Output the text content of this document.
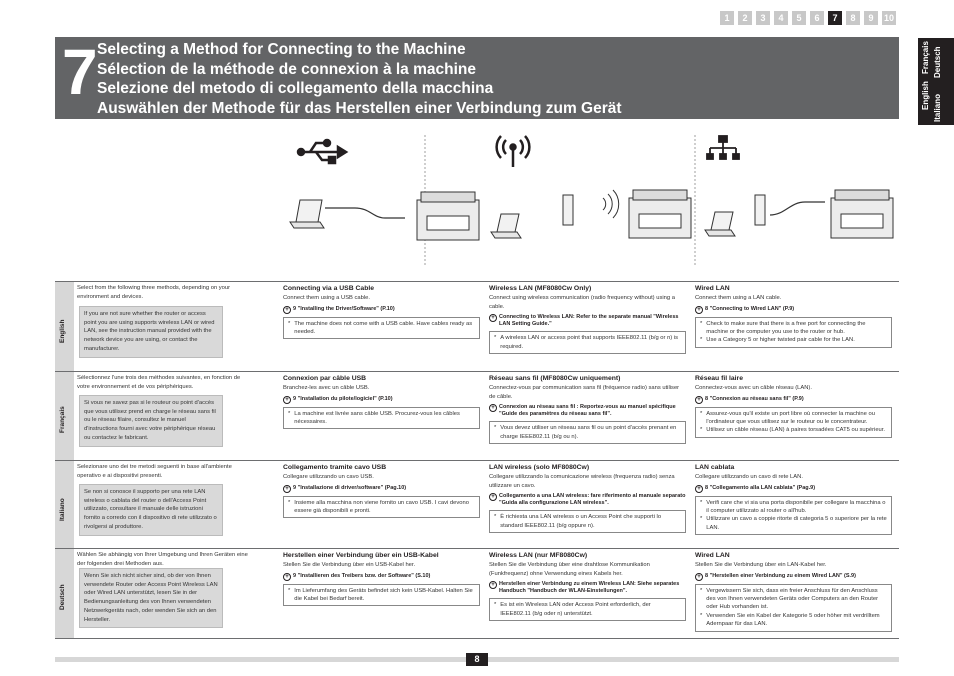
1	2	3	4	5	6	7	8	9	10
English Italiano
Français Deutsch
7 Selecting a Method for Connecting to the Machine
Sélection de la méthode de connexion à la machine
Selezione del metodo di collegamento della macchina
Auswählen der Methode für das Herstellen einer Verbindung zum Gerät
English
Select from the following three methods, depending on your environment and devices.
If you are not sure whether the router or access point you are using supports wireless LAN or wired LAN, see the instruction manual provided with the network device you are using, or contact the manufacturer.
Connecting via a USB Cable
Connect them using a USB cable.
+ 9 "Installing the Driver/Software" (P.10)
* The machine does not come with a USB cable. Have cables ready as needed.
Wireless LAN (MF8080Cw Only)
Connect using wireless communication (radio frequency without) using a cable.
+ Connecting to Wireless LAN: Refer to the separate manual "Wireless LAN Setting Guide."
* A wireless LAN or access point that supports IEEE802.11 (b/g or n) is required.
Wired LAN
Connect them using a LAN cable.
+ 8 "Connecting to Wired LAN" (P.9)
* Check to make sure that there is a free port for connecting the machine or the computer you use to the router or hub.
* Use a Category 5 or higher twisted pair cable for the LAN.
Français
Sélectionnez l'une trois des méthodes suivantes, en fonction de votre environnement et de vos périphériques.
Si vous ne savez pas si le routeur ou point d'accès que vous utilisez prend en charge le réseau sans fil ou le réseau filaire, consultez le manuel d'instructions fourni avec votre périphérique réseau ou contactez le fabricant.
Connexion par câble USB
Branchez-les avec un câble USB.
+ 9 "Installation du pilote/logiciel" (P.10)
* La machine est livrée sans câble USB. Procurez-vous les câbles nécessaires.
Réseau sans fil (MF8080Cw uniquement)
Connectez-vous par communication sans fil (fréquence radio) sans utiliser de câble.
+ Connexion au réseau sans fil : Reportez-vous au manuel spécifique "Guide des paramètres du réseau sans fil".
* Vous devez utiliser un réseau sans fil ou un point d'accès prenant en charge IEEE802.11 (b/g ou n).
Réseau fil laire
Connectez-vous avec un câble réseau (LAN).
+ 8 "Connexion au réseau sans fil" (P.9)
* Assurez-vous qu'il existe un port libre où connecter la machine ou l'ordinateur que vous utilisez sur le routeur ou le concentrateur.
* Utilisez un câble réseau (LAN) à paires torsadées CAT5 ou supérieur.
Italiano
Selezionare uno dei tre metodi seguenti in base all'ambiente operativo e ai dispositivi presenti.
Se non si conosce il supporto per una rete LAN wireless o cablata del router o dell'Access Point utilizzato, consultare il manuale delle istruzioni fornito a corredo con il dispositivo di rete utilizzato o rivolgersi al produttore.
Collegamento tramite cavo USB
Collegare utilizzando un cavo USB.
+ 9 "Installazione di driver/software" (Pag.10)
* Insieme alla macchina non viene fornito un cavo USB. I cavi devono essere già disponibili e pronti.
LAN wireless (solo MF8080Cw)
Collegare utilizzando la comunicazione wireless (frequenza radio) senza utilizzare un cavo.
+ Collegamento a una LAN wireless: fare riferimento al manuale separato "Guida alla configurazione LAN wireless".
* È richiesta una LAN wireless o un Access Point che supporti lo standard IEEE802.11 (b/g oppure n).
LAN cablata
Collegare utilizzando un cavo di rete LAN.
+ 8 "Collegamento alla LAN cablata" (Pag.9)
* Verifi care che vi sia una porta disponibile per collegare la macchina o il computer utilizzato al router o all'hub.
* Utilizzare un cavo a coppie ritorte di categoria 5 o superiore per la rete LAN.
Deutsch
Wählen Sie abhängig von Ihrer Umgebung und Ihren Geräten eine der folgenden drei Methoden aus.
Wenn Sie sich nicht sicher sind, ob der von Ihnen verwendete Router oder Access Point Wireless LAN oder Wired LAN unterstützt, lesen Sie in der Bedienungsanleitung des von Ihnen verwendeten Netzwerkgeräts nach, oder wenden Sie sich an den Hersteller.
Herstellen einer Verbindung über ein USB-Kabel
Stellen Sie die Verbindung über ein USB-Kabel her.
+ 9 "Installieren des Treibers bzw. der Software" (S.10)
* Im Lieferumfang des Geräts befindet sich kein USB-Kabel. Halten Sie die Kabel bei Bedarf bereit.
Wireless LAN (nur MF8080Cw)
Stellen Sie die Verbindung über eine drahtlose Kommunikation (Funkfrequenz) ohne Verwendung eines Kabels her.
+ Herstellen einer Verbindung zu einem Wireless LAN: Siehe separates Handbuch "Handbuch der WLAN-Einstellungen".
* Es ist ein Wireless LAN oder Access Point erforderlich, der IEEE802.11 (b/g oder n) unterstützt.
Wired LAN
Stellen Sie die Verbindung über ein LAN-Kabel her.
+ 8 "Herstellen einer Verbindung zu einem Wired LAN" (S.9)
* Vergewissern Sie sich, dass ein freier Anschluss für den Anschluss des von Ihnen verwendeten Geräts oder Computers an den Router oder Hub vorhanden ist.
* Verwenden Sie ein Kabel der Kategorie 5 oder höher mit verdrilltem Adernpaar für das LAN.
8
